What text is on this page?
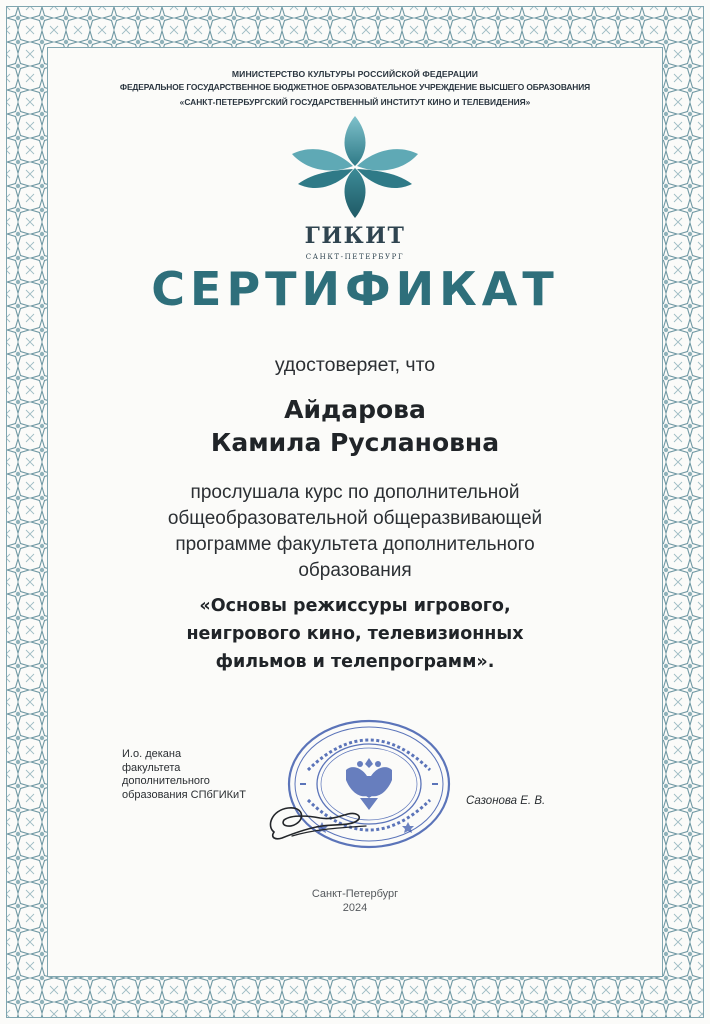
МИНИСТЕРСТВО КУЛЬТУРЫ РОССИЙСКОЙ ФЕДЕРАЦИИ
ФЕДЕРАЛЬНОЕ ГОСУДАРСТВЕННОЕ БЮДЖЕТНОЕ ОБРАЗОВАТЕЛЬНОЕ УЧРЕЖДЕНИЕ ВЫСШЕГО ОБРАЗОВАНИЯ
«САНКТ-ПЕТЕРБУРГСКИЙ ГОСУДАРСТВЕННЫЙ ИНСТИТУТ КИНО И ТЕЛЕВИДЕНИЯ»
ГИКИТ
САНКТ-ПЕТЕРБУРГ
СЕРТИФИКАТ
удостоверяет, что
Айдарова
Камила Руслановна
прослушала курс по дополнительной
общеобразовательной общеразвивающей
программе факультета дополнительного
образования
«Основы режиссуры игрового,
неигрового кино, телевизионных
фильмов и телепрограмм».
И.о. декана
факультета
дополнительного
образования СПбГИКиТ
Сазонова Е. В.
Санкт-Петербург
2024
